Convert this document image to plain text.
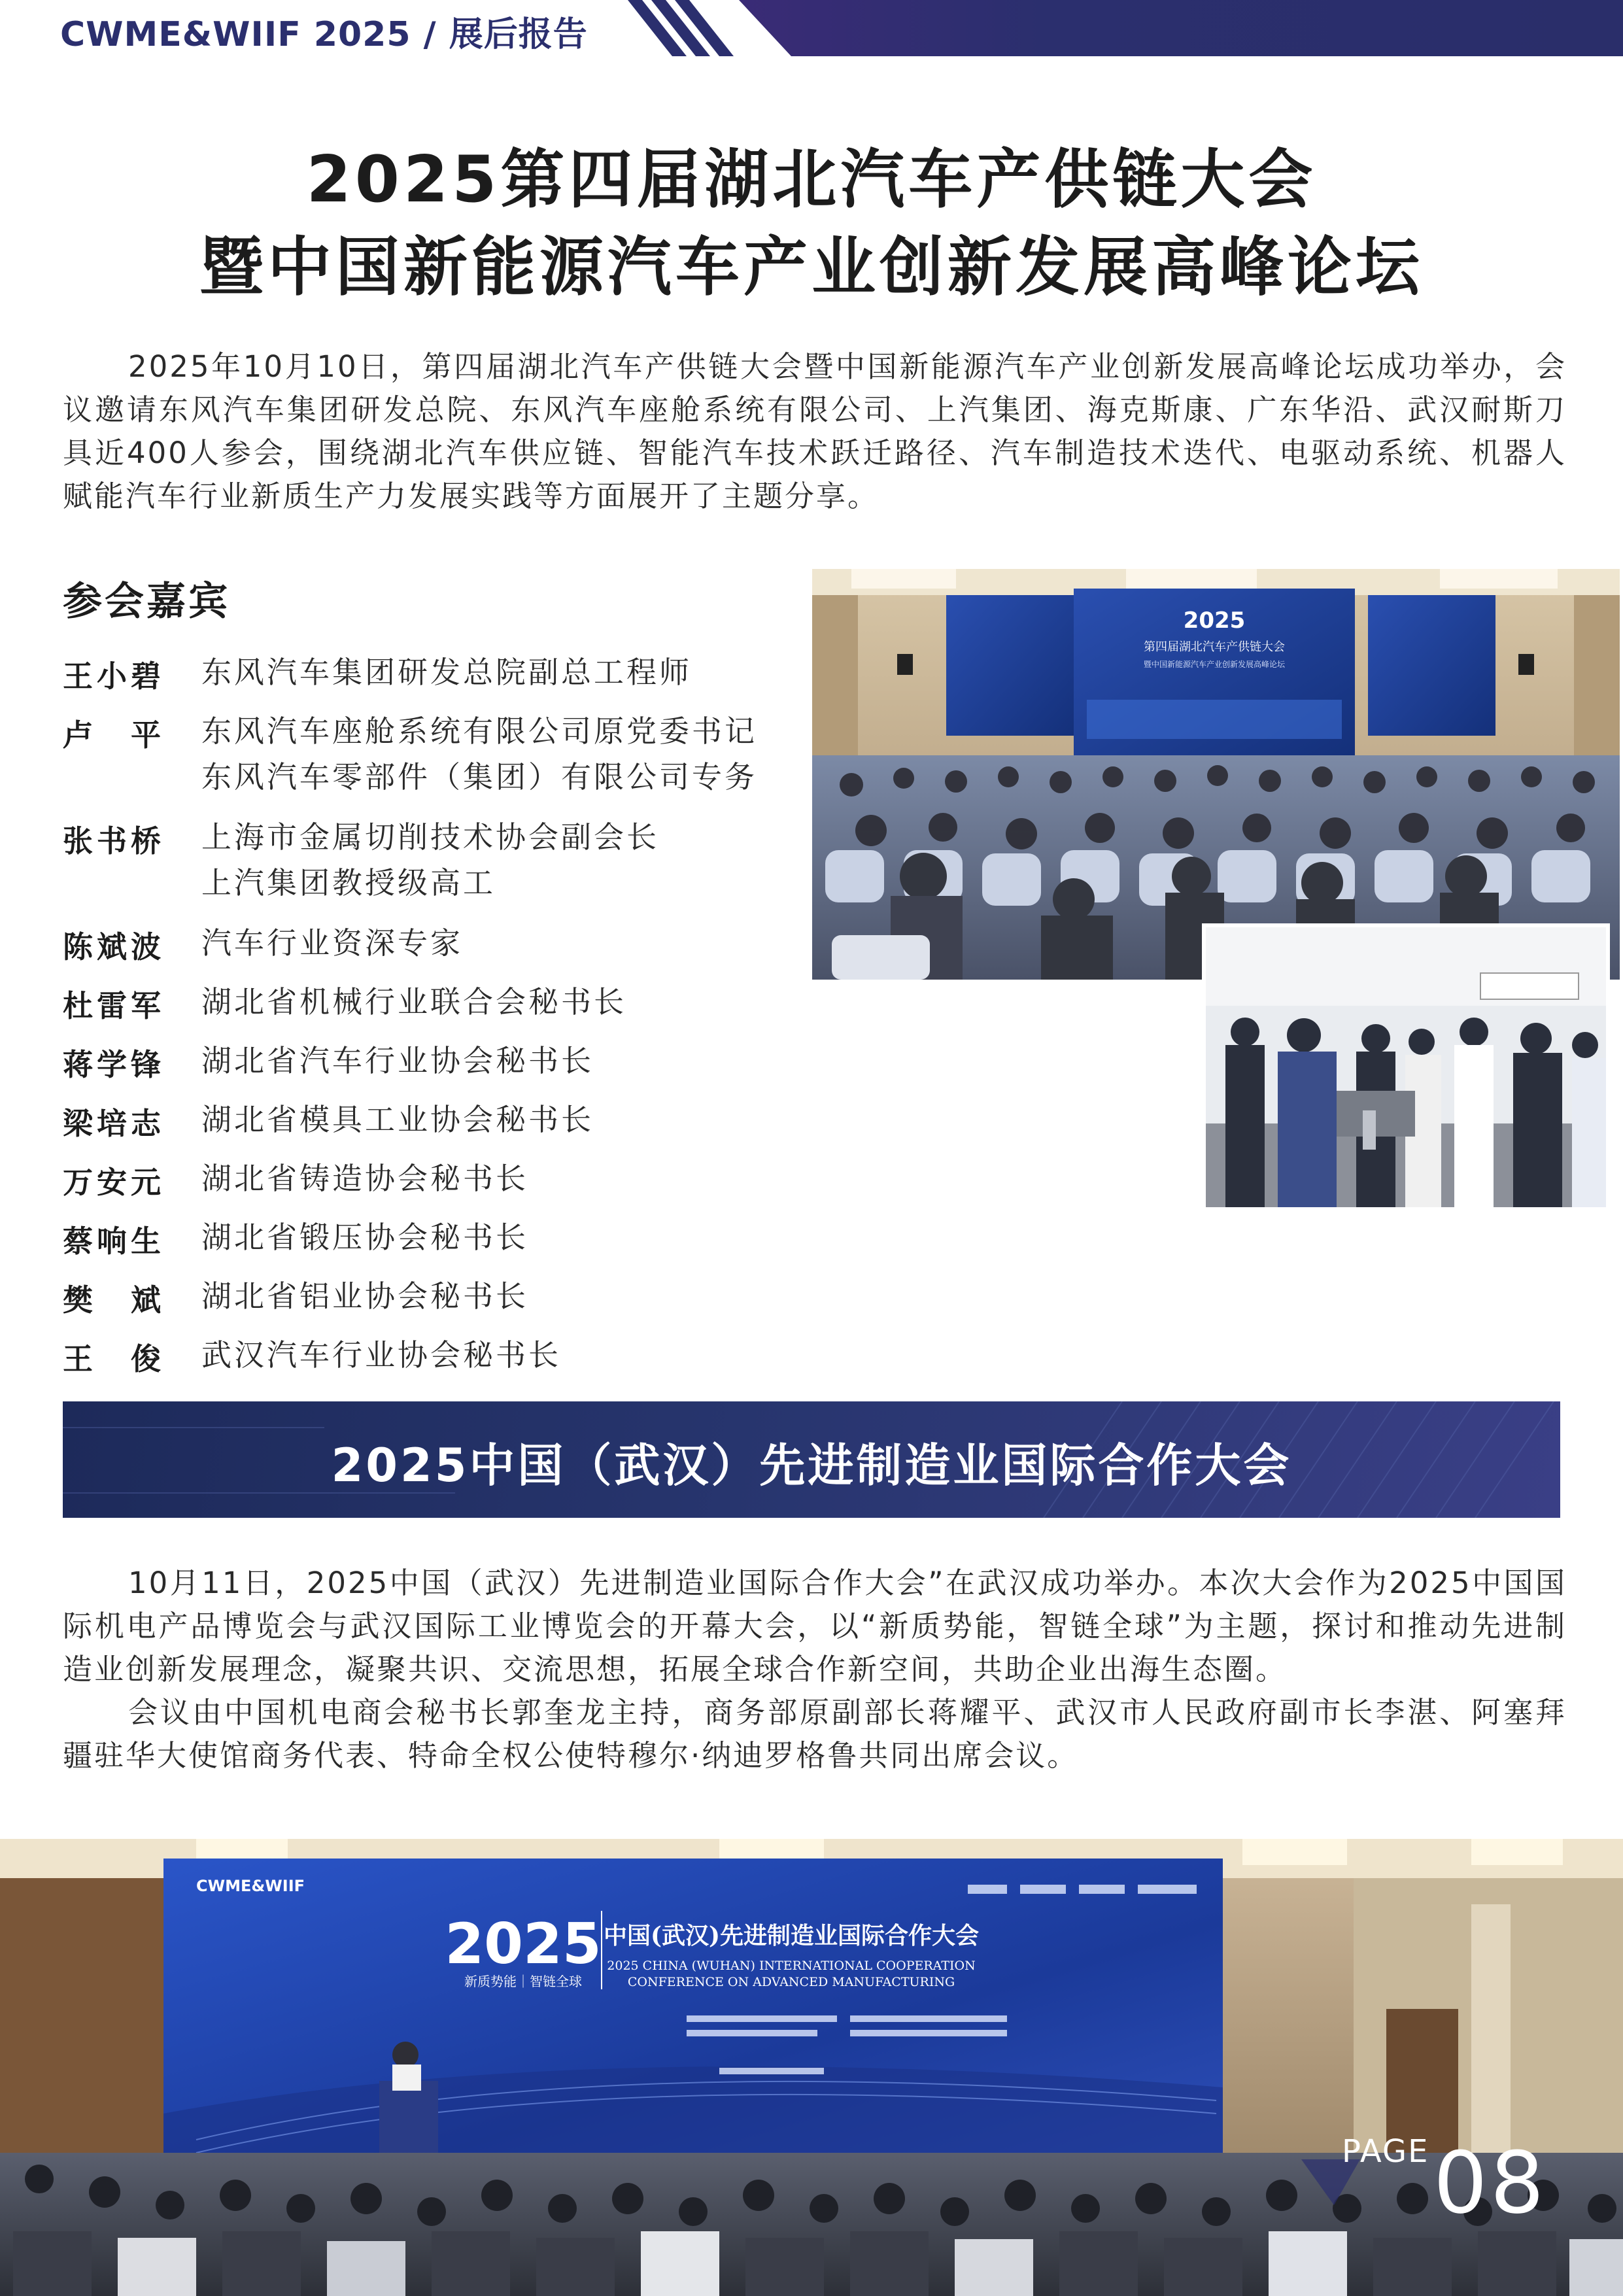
CWME&WIIF 2025 / 展后报告
2025第四届湖北汽车产供链大会
暨中国新能源汽车产业创新发展高峰论坛
2025年10月10日，第四届湖北汽车产供链大会暨中国新能源汽车产业创新发展高峰论坛成功举办，会议邀请东风汽车集团研发总院、东风汽车座舱系统有限公司、上汽集团、海克斯康、广东华沿、武汉耐斯刀具近400人参会，围绕湖北汽车供应链、智能汽车技术跃迁路径、汽车制造技术迭代、电驱动系统、机器人赋能汽车行业新质生产力发展实践等方面展开了主题分享。
参会嘉宾
王小碧 东风汽车集团研发总院副总工程师
卢　平 东风汽车座舱系统有限公司原党委书记
东风汽车零部件（集团）有限公司专务
张书桥 上海市金属切削技术协会副会长
上汽集团教授级高工
陈斌波 汽车行业资深专家
杜雷军 湖北省机械行业联合会秘书长
蒋学锋 湖北省汽车行业协会秘书长
梁培志 湖北省模具工业协会秘书长
万安元 湖北省铸造协会秘书长
蔡响生 湖北省锻压协会秘书长
樊　斌 湖北省铝业协会秘书长
王　俊 武汉汽车行业协会秘书长
2025
第四届湖北汽车产供链大会
暨中国新能源汽车产业创新发展高峰论坛
2025中国（武汉）先进制造业国际合作大会

10月11日，2025中国（武汉）先进制造业国际合作大会”在武汉成功举办。本次大会作为2025中国国际机电产品博览会与武汉国际工业博览会的开幕大会，以“新质势能，智链全球”为主题，探讨和推动先进制造业创新发展理念，凝聚共识、交流思想，拓展全球合作新空间，共助企业出海生态圈。

会议由中国机电商会秘书长郭奎龙主持，商务部原副部长蒋耀平、武汉市人民政府副市长李湛、阿塞拜疆驻华大使馆商务代表、特命全权公使特穆尔·纳迪罗格鲁共同出席会议。

2025
新质势能｜智链全球
中国(武汉)先进制造业国际合作大会
2025 CHINA (WUHAN) INTERNATIONAL COOPERATION
CONFERENCE ON ADVANCED MANUFACTURING
CWME&WIIF
PAGE 08
